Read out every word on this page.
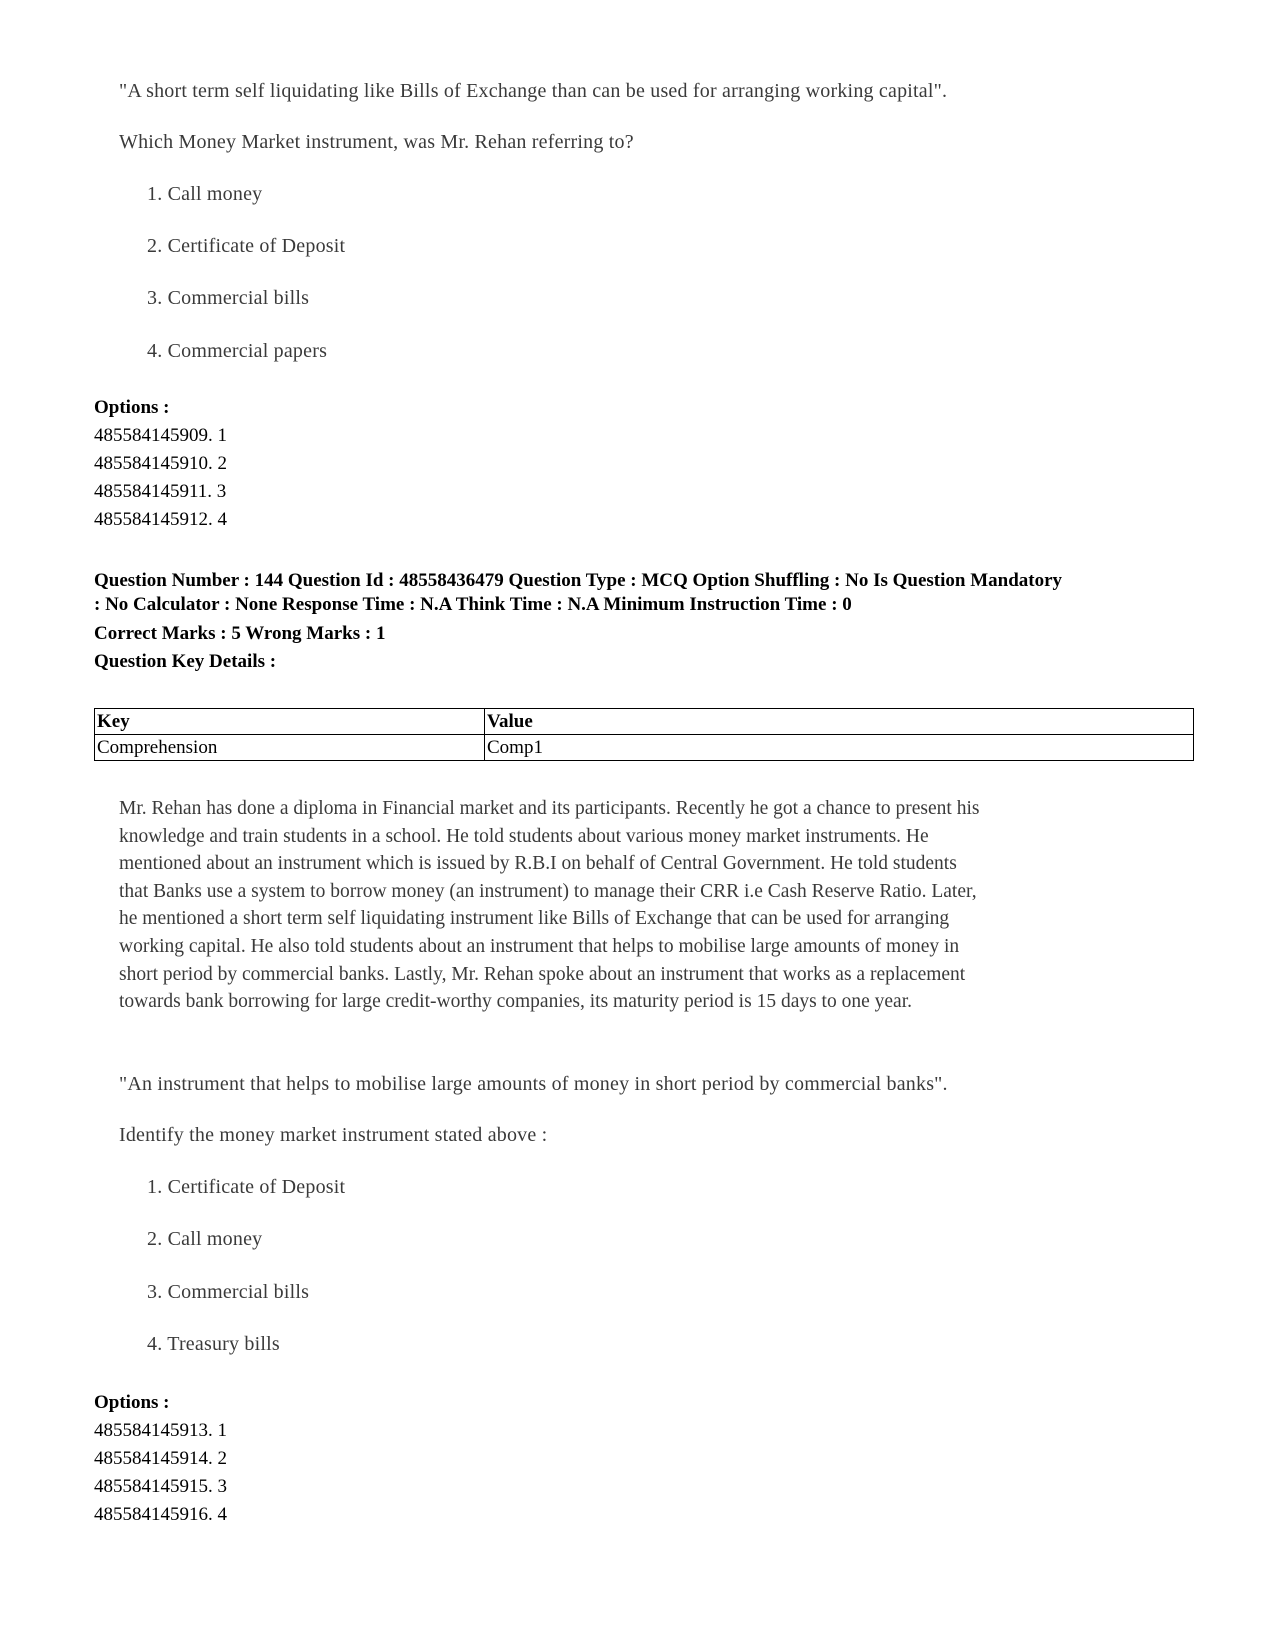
"A short term self liquidating like Bills of Exchange than can be used for arranging working capital".
Which Money Market instrument, was Mr. Rehan referring to?
1. Call money
2. Certificate of Deposit
3. Commercial bills
4. Commercial papers
Options :
485584145909. 1
485584145910. 2
485584145911. 3
485584145912. 4
Question Number : 144 Question Id : 48558436479 Question Type : MCQ Option Shuffling : No Is Question Mandatory
: No Calculator : None Response Time : N.A Think Time : N.A Minimum Instruction Time : 0
Correct Marks : 5 Wrong Marks : 1
Question Key Details :
Key	Value
Comprehension	Comp1
Mr. Rehan has done a diploma in Financial market and its participants. Recently he got a chance to present his
knowledge and train students in a school. He told students about various money market instruments. He
mentioned about an instrument which is issued by R.B.I on behalf of Central Government. He told students
that Banks use a system to borrow money (an instrument) to manage their CRR i.e Cash Reserve Ratio. Later,
he mentioned a short term self liquidating instrument like Bills of Exchange that can be used for arranging
working capital. He also told students about an instrument that helps to mobilise large amounts of money in
short period by commercial banks. Lastly, Mr. Rehan spoke about an instrument that works as a replacement
towards bank borrowing for large credit-worthy companies, its maturity period is 15 days to one year.
"An instrument that helps to mobilise large amounts of money in short period by commercial banks".
Identify the money market instrument stated above :
1. Certificate of Deposit
2. Call money
3. Commercial bills
4. Treasury bills
Options :
485584145913. 1
485584145914. 2
485584145915. 3
485584145916. 4
